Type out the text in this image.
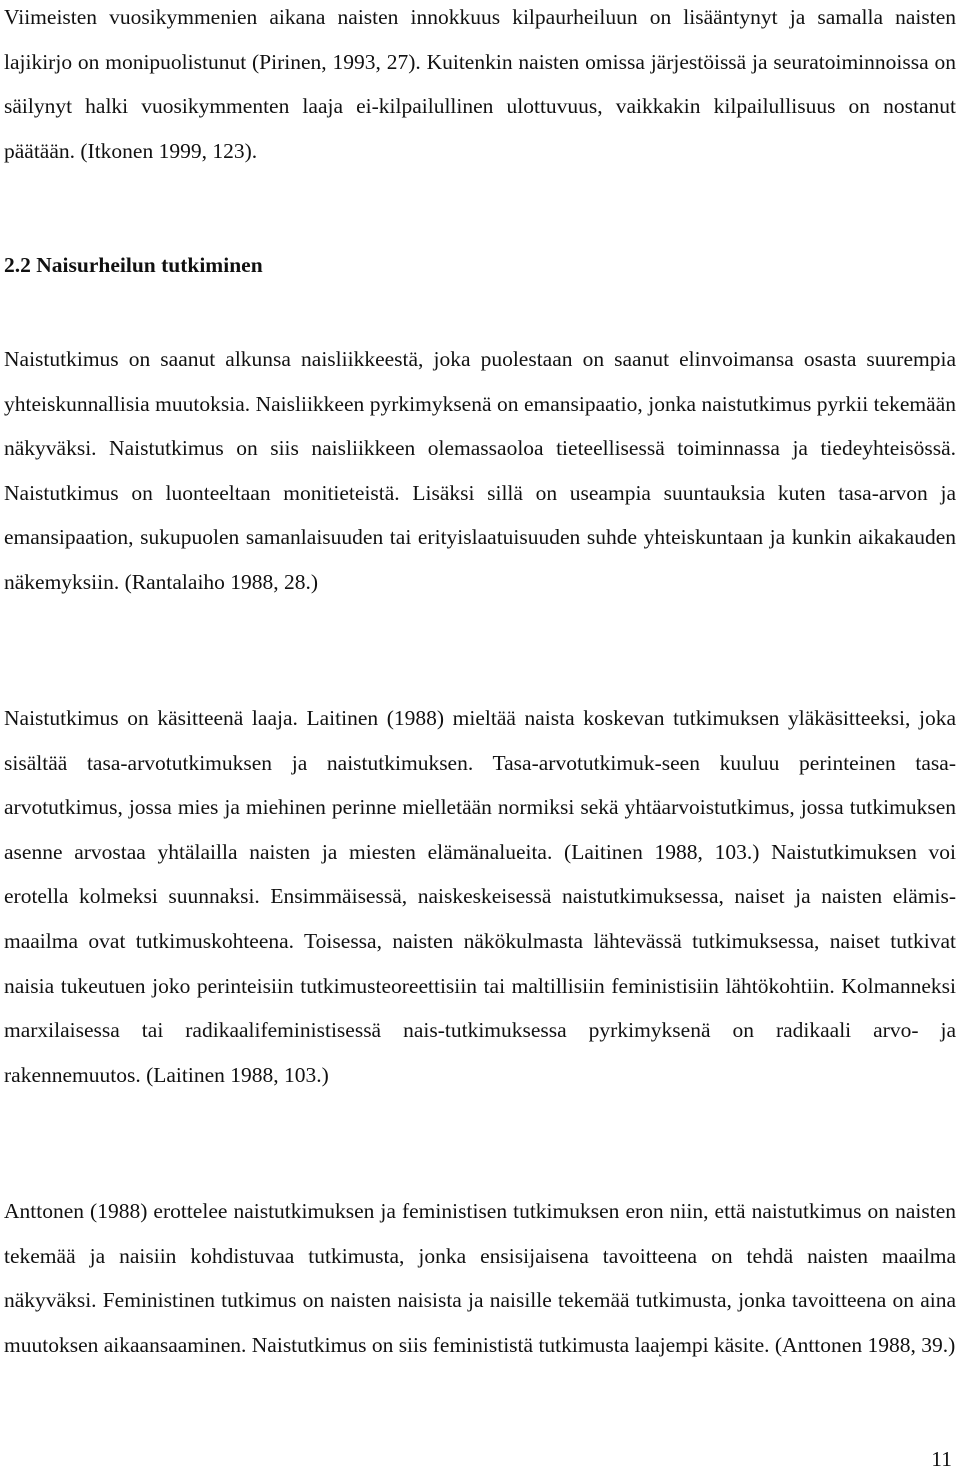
Viimeisten vuosikymmenien aikana naisten innokkuus kilpaurheiluun on lisääntynyt ja samalla naisten lajikirjo on monipuolistunut (Pirinen, 1993, 27). Kuitenkin naisten omissa järjestöissä ja seuratoiminnoissa on säilynyt halki vuosikymmenten laaja ei-kilpailullinen ulottuvuus, vaikkakin kilpailullisuus on nostanut päätään. (Itkonen 1999, 123).

2.2 Naisurheilun tutkiminen

Naistutkimus on saanut alkunsa naisliikkeestä, joka puolestaan on saanut elinvoimansa osasta suurempia yhteiskunnallisia muutoksia. Naisliikkeen pyrkimyksenä on emansipaatio, jonka naistutkimus pyrkii tekemään näkyväksi. Naistutkimus on siis naisliikkeen olemassaoloa tieteellisessä toiminnassa ja tiedeyhteisössä. Naistutkimus on luonteeltaan monitieteistä. Lisäksi sillä on useampia suuntauksia kuten tasa-arvon ja emansipaation, sukupuolen samanlaisuuden tai erityislaatuisuuden suhde yhteiskuntaan ja kunkin aikakauden näkemyksiin. (Rantalaiho 1988, 28.)

Naistutkimus on käsitteenä laaja. Laitinen (1988) mieltää naista koskevan tutkimuksen yläkäsitteeksi, joka sisältää tasa-arvotutkimuksen ja naistutkimuksen. Tasa-arvotutkimuk-seen kuuluu perinteinen tasa-arvotutkimus, jossa mies ja miehinen perinne mielletään normiksi sekä yhtäarvoistutkimus, jossa tutkimuksen asenne arvostaa yhtälailla naisten ja miesten elämänalueita. (Laitinen 1988, 103.) Naistutkimuksen voi erotella kolmeksi suunnaksi. Ensimmäisessä, naiskeskeisessä naistutkimuksessa, naiset ja naisten elämis-maailma ovat tutkimuskohteena. Toisessa, naisten näkökulmasta lähtevässä tutkimuksessa, naiset tutkivat naisia tukeutuen joko perinteisiin tutkimusteoreettisiin tai maltillisiin feministisiin lähtökohtiin. Kolmanneksi marxilaisessa tai radikaalifeministisessä nais-tutkimuksessa pyrkimyksenä on radikaali arvo- ja rakennemuutos. (Laitinen 1988, 103.)

Anttonen (1988) erottelee naistutkimuksen ja feministisen tutkimuksen eron niin, että naistutkimus on naisten tekemää ja naisiin kohdistuvaa tutkimusta, jonka ensisijaisena tavoitteena on tehdä naisten maailma näkyväksi. Feministinen tutkimus on naisten naisista ja naisille tekemää tutkimusta, jonka tavoitteena on aina muutoksen aikaansaaminen. Naistutkimus on siis feminististä tutkimusta laajempi käsite. (Anttonen 1988, 39.)

11
